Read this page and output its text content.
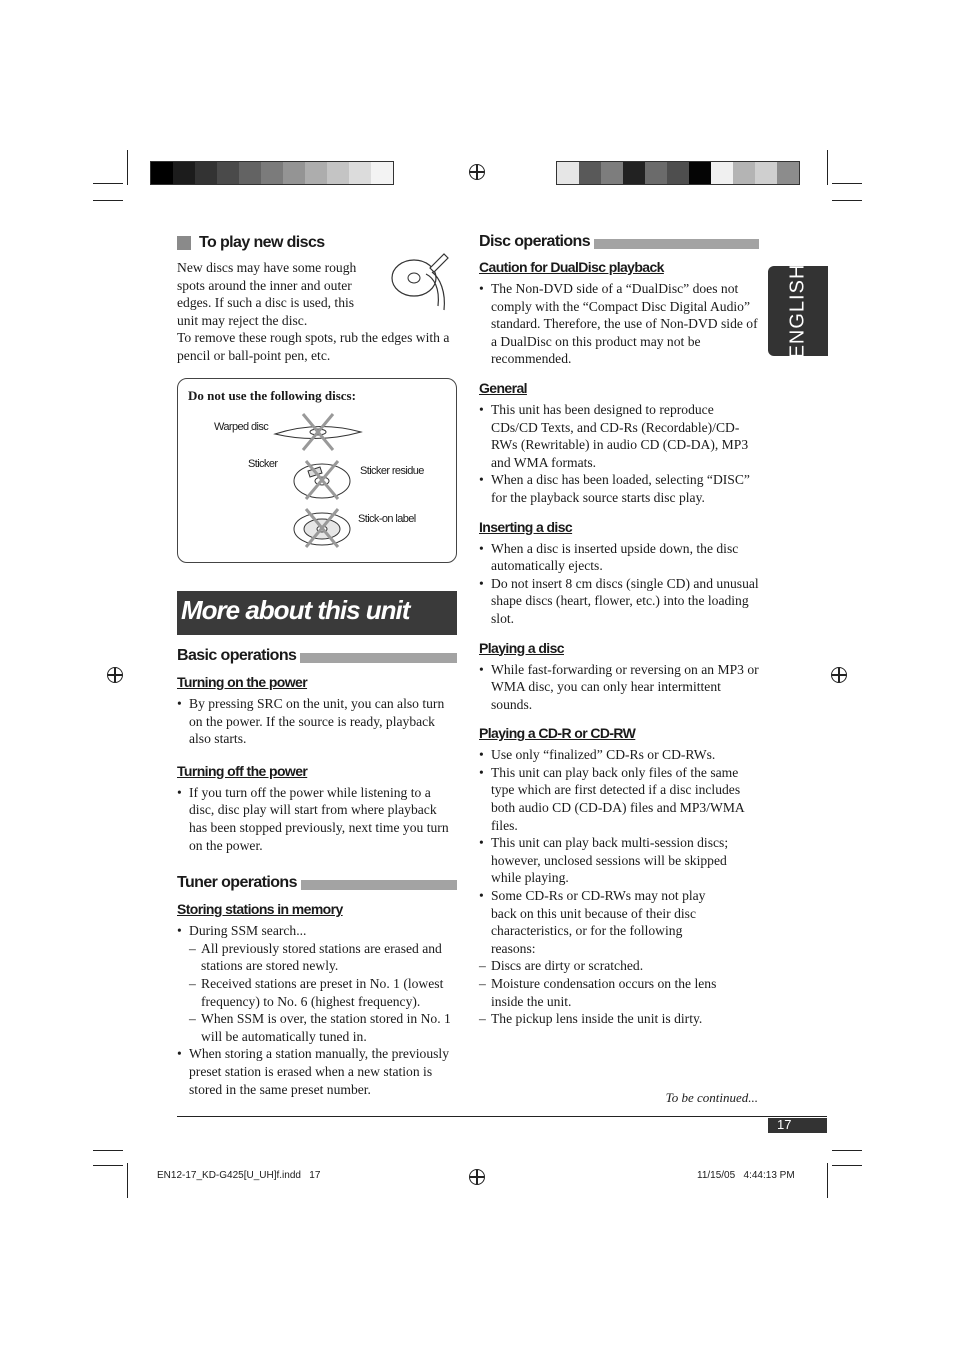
ENGLISH
To play new discs

New discs may have some rough spots around the inner and outer edges. If such a disc is used, this unit may reject the disc.

To remove these rough spots, rub the edges with a pencil or ball-point pen, etc.

Do not use the following discs:
Warped disc
Sticker
Sticker residue
Stick-on label
More about this unit
Basic operations
Turning on the power
• By pressing SRC on the unit, you can also turn on the power. If the source is ready, playback also starts.
Turning off the power
• If you turn off the power while listening to a disc, disc play will start from where playback has been stopped previously, next time you turn on the power.
Tuner operations
Storing stations in memory
• During SSM search...
– All previously stored stations are erased and stations are stored newly.
– Received stations are preset in No. 1 (lowest frequency) to No. 6 (highest frequency).
– When SSM is over, the station stored in No. 1 will be automatically tuned in.
• When storing a station manually, the previously preset station is erased when a new station is stored in the same preset number.
Disc operations
Caution for DualDisc playback
• The Non-DVD side of a “DualDisc” does not comply with the “Compact Disc Digital Audio” standard. Therefore, the use of Non-DVD side of a DualDisc on this product may not be recommended.
General
• This unit has been designed to reproduce CDs/CD Texts, and CD-Rs (Recordable)/CD-RWs (Rewritable) in audio CD (CD-DA), MP3 and WMA formats.
• When a disc has been loaded, selecting “DISC” for the playback source starts disc play.
Inserting a disc
• When a disc is inserted upside down, the disc automatically ejects.
• Do not insert 8 cm discs (single CD) and unusual shape discs (heart, flower, etc.) into the loading slot.
Playing a disc
• While fast-forwarding or reversing on an MP3 or WMA disc, you can only hear intermittent sounds.
Playing a CD-R or CD-RW
• Use only “finalized” CD-Rs or CD-RWs.
• This unit can play back only files of the same type which are first detected if a disc includes both audio CD (CD-DA) files and MP3/WMA files.
• This unit can play back multi-session discs; however, unclosed sessions will be skipped while playing.
• Some CD-Rs or CD-RWs may not play back on this unit because of their disc characteristics, or for the following reasons:
– Discs are dirty or scratched.
– Moisture condensation occurs on the lens inside the unit.
– The pickup lens inside the unit is dirty.
To be continued...
17
EN12-17_KD-G425[U_UH]f.indd   17	11/15/05   4:44:13 PM
